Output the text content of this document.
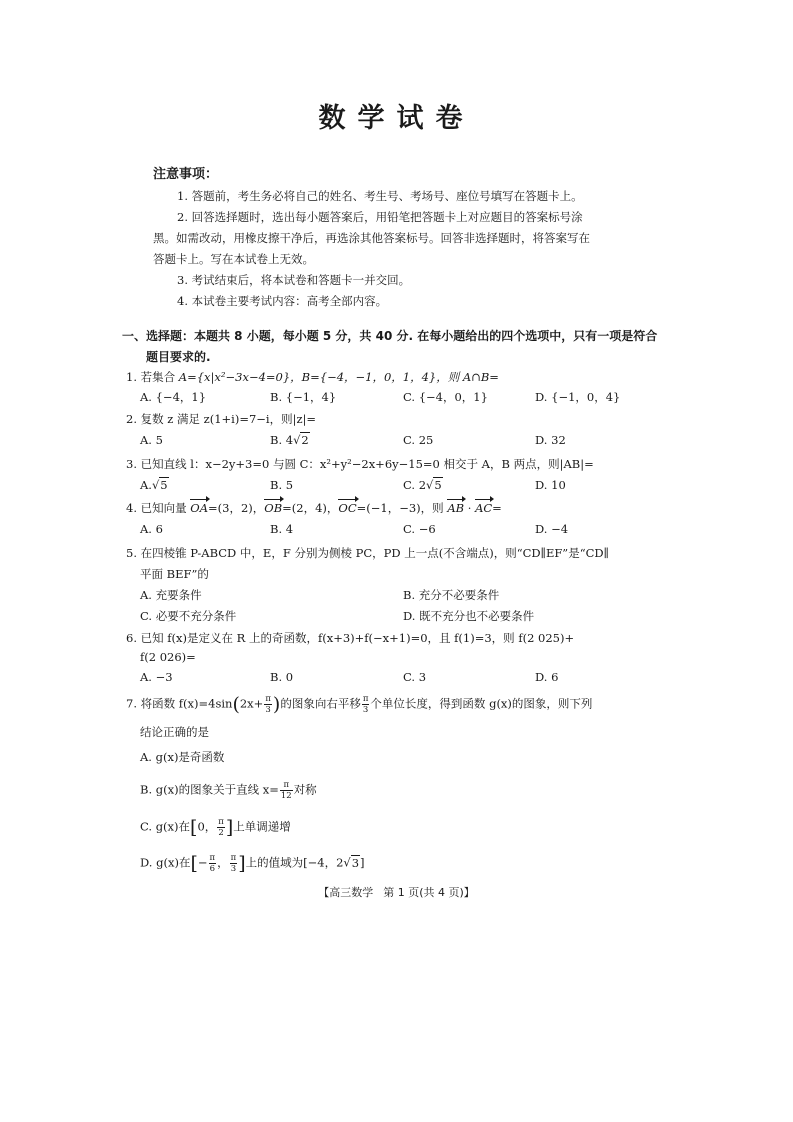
数学试卷
注意事项：
1. 答题前，考生务必将自己的姓名、考生号、考场号、座位号填写在答题卡上。
2. 回答选择题时，选出每小题答案后，用铅笔把答题卡上对应题目的答案标号涂
黑。如需改动，用橡皮擦干净后，再选涂其他答案标号。回答非选择题时，将答案写在
答题卡上。写在本试卷上无效。
3. 考试结束后，将本试卷和答题卡一并交回。
4. 本试卷主要考试内容：高考全部内容。
一、选择题：本题共 8 小题，每小题 5 分，共 40 分. 在每小题给出的四个选项中，只有一项是符合
题目要求的.
1. 若集合 A={x|x²−3x−4=0}，B={−4，−1，0，1，4}，则 A∩B=
A. {−4，1}	B. {−1，4}	C. {−4，0，1}	D. {−1，0，4}
2. 复数 z 满足 z(1+i)=7−i，则|z|=
A. 5	B. 4√2	C. 25	D. 32
3. 已知直线 l：x−2y+3=0 与圆 C：x²+y²−2x+6y−15=0 相交于 A，B 两点，则|AB|=
A.√5	B. 5	C. 2√5	D. 10
4. 已知向量 OA=(3，2)，OB=(2，4)，OC=(−1，−3)，则 AB · AC=
A. 6	B. 4	C. −6	D. −4
5. 在四棱锥 P-ABCD 中，E，F 分别为侧棱 PC，PD 上一点(不含端点)，则“CD∥EF”是“CD∥
平面 BEF”的
A. 充要条件	B. 充分不必要条件
C. 必要不充分条件	D. 既不充分也不必要条件
6. 已知 f(x)是定义在 R 上的奇函数，f(x+3)+f(−x+1)=0，且 f(1)=3，则 f(2 025)+
f(2 026)=
A. −3	B. 0	C. 3	D. 6
7. 将函数 $f(x)=4\sin(2x+ \frac{\pi}{3}$ )的图象向右平移 $\frac{\pi}{3}$ 个单位长度，得到函数 g(x)的图象，则下列
结论正确的是
A. g(x)是奇函数
B. g(x)的图象关于直线 $x= \frac{\pi}{12}$ 对称
C. g(x)在[0， $\frac{\pi}{2}$ ]上单调递增
D. g(x)在[− $\frac{\pi}{6}$ ， $\frac{\pi}{3}$ ]上的值域为[−4，2√3]
【高三数学 第 1 页(共 4 页)】
